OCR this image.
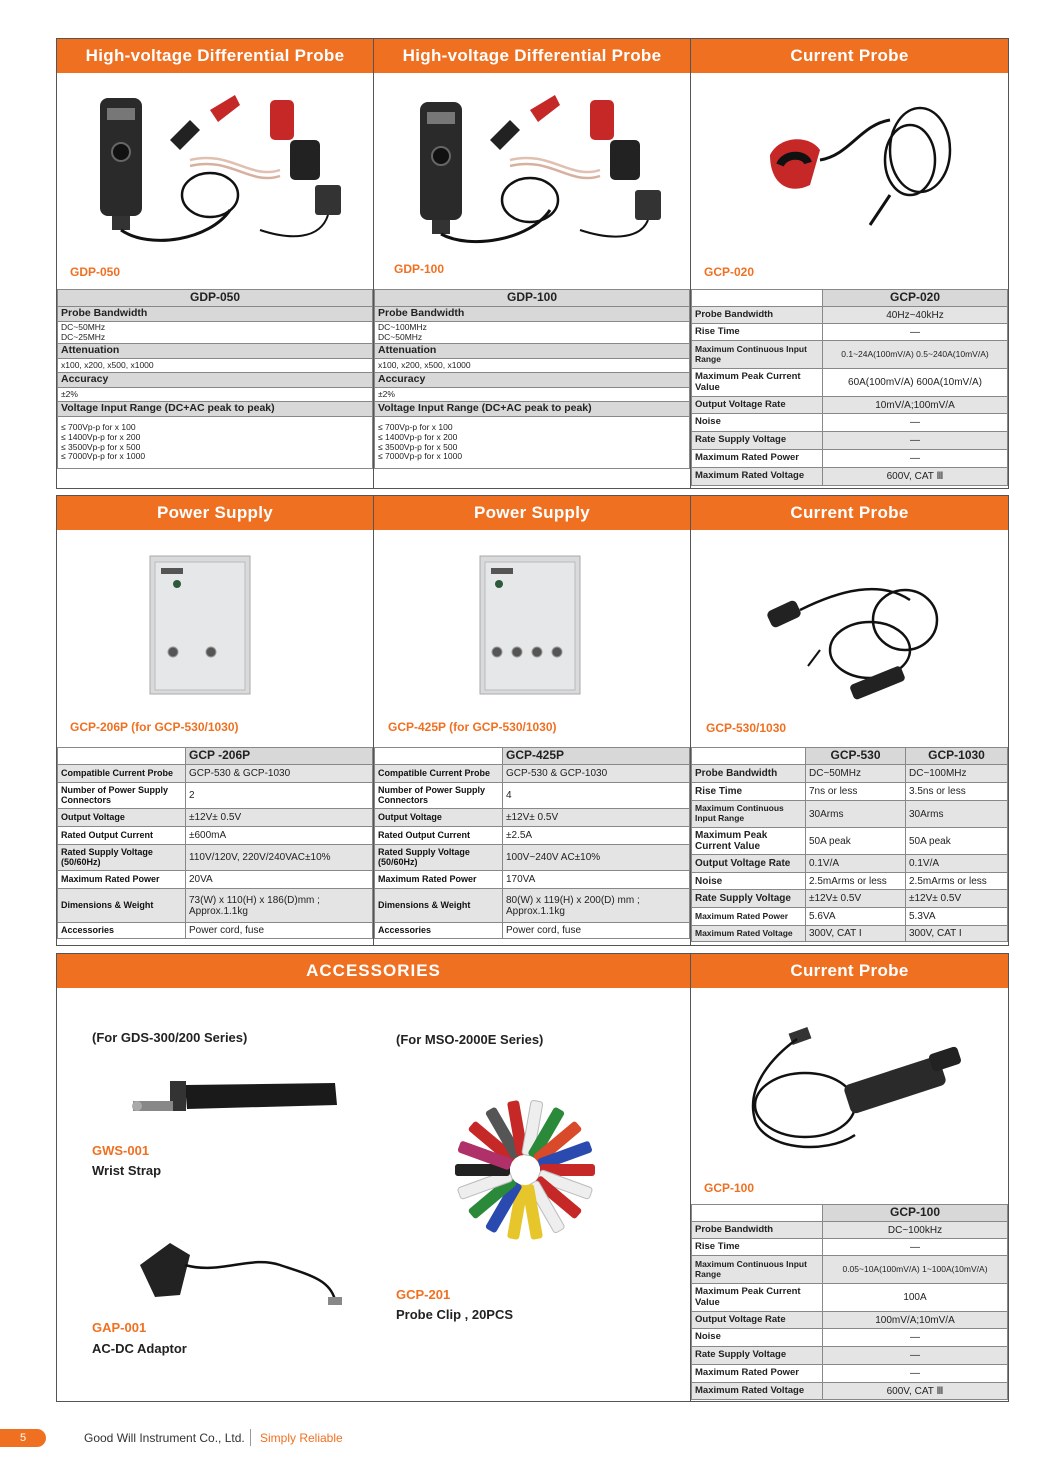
High-voltage Differential Probe	High-voltage Differential Probe	Current Probe
GDP-050	GDP-100	GCP-020
GDP-050
Probe Bandwidth

DC~50MHz
DC~25MHz

Attenuation
x100, x200, x500, x1000
Accuracy
±2%
Voltage Input Range (DC+AC peak to peak)

≤ 700Vp-p for x 100
≤ 1400Vp-p for x 200
≤ 3500Vp-p for x 500
≤ 7000Vp-p for x 1000
GDP-100
Probe Bandwidth

DC~100MHz
DC~50MHz

Attenuation
x100, x200, x500, x1000
Accuracy
±2%
Voltage Input Range (DC+AC peak to peak)

≤ 700Vp-p for x 100
≤ 1400Vp-p for x 200
≤ 3500Vp-p for x 500
≤ 7000Vp-p for x 1000
	GCP-020
Probe Bandwidth	40Hz~40kHz
Rise Time	—
Maximum Continuous Input Range	0.1~24A(100mV/A) 0.5~240A(10mV/A)
Maximum Peak Current Value	60A(100mV/A) 600A(10mV/A)
Output Voltage Rate	10mV/A;100mV/A
Noise	—
Rate Supply Voltage	—
Maximum Rated Power	—
Maximum Rated Voltage	600V, CAT Ⅲ
Power Supply	Power Supply	Current Probe
GCP-206P (for GCP-530/1030)	GCP-425P (for GCP-530/1030)	GCP-530/1030
	GCP -206P
Compatible Current Probe	GCP-530 & GCP-1030
Number of Power Supply Connectors	2
Output Voltage	±12V± 0.5V
Rated Output Current	±600mA
Rated Supply Voltage (50/60Hz)	110V/120V, 220V/240VAC±10%
Maximum Rated Power	20VA
Dimensions & Weight	73(W) x 110(H) x 186(D)mm ; Approx.1.1kg
Accessories	Power cord, fuse
	GCP-425P
Compatible Current Probe	GCP-530 & GCP-1030
Number of Power Supply Connectors	4
Output Voltage	±12V± 0.5V
Rated Output Current	±2.5A
Rated Supply Voltage (50/60Hz)	100V~240V AC±10%
Maximum Rated Power	170VA
Dimensions & Weight	80(W) x 119(H) x 200(D) mm ; Approx.1.1kg
Accessories	Power cord, fuse
	GCP-530	GCP-1030
Probe Bandwidth	DC~50MHz	DC~100MHz
Rise Time	7ns or less	3.5ns or less
Maximum Continuous Input Range	30Arms	30Arms
Maximum Peak Current Value	50A peak	50A peak
Output Voltage Rate	0.1V/A	0.1V/A
Noise	2.5mArms or less	2.5mArms or less
Rate Supply Voltage	±12V± 0.5V	±12V± 0.5V
Maximum Rated Power	5.6VA	5.3VA
Maximum Rated Voltage	300V, CAT I	300V, CAT I
ACCESSORIES	Current Probe
(For GDS-300/200 Series)	(For MSO-2000E Series)
GWS-001
Wrist Strap
GAP-001
AC-DC Adaptor
GCP-201
Probe Clip , 20PCS
GCP-100
	GCP-100
Probe Bandwidth	DC~100kHz
Rise Time	—
Maximum Continuous Input Range	0.05~10A(100mV/A) 1~100A(10mV/A)
Maximum Peak Current Value	100A
Output Voltage Rate	100mV/A;10mV/A
Noise	—
Rate Supply Voltage	—
Maximum Rated Power	—
Maximum Rated Voltage	600V, CAT Ⅲ
5	Good Will Instrument Co., Ltd. Simply Reliable
